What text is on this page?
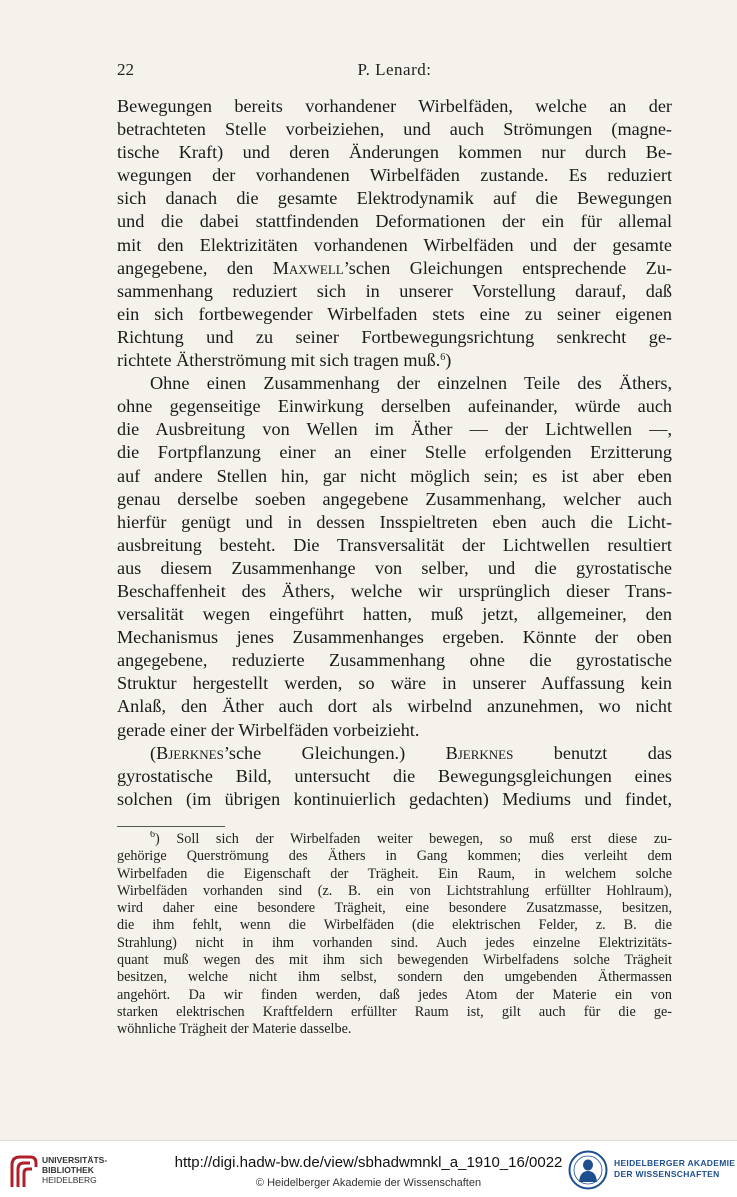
22	P. Lenard:
Bewegungen bereits vorhandener Wirbelfäden, welche an der
betrachteten Stelle vorbeiziehen, und auch Strömungen (magne-
tische Kraft) und deren Änderungen kommen nur durch Be-
wegungen der vorhandenen Wirbelfäden zustande. Es reduziert
sich danach die gesamte Elektrodynamik auf die Bewegungen
und die dabei stattfindenden Deformationen der ein für allemal
mit den Elektrizitäten vorhandenen Wirbelfäden und der gesamte
angegebene, den Maxwell’schen Gleichungen entsprechende Zu-
sammenhang reduziert sich in unserer Vorstellung darauf, daß
ein sich fortbewegender Wirbelfaden stets eine zu seiner eigenen
Richtung und zu seiner Fortbewegungsrichtung senkrecht ge-
richtete Ätherströmung mit sich tragen muß.$^6$)
Ohne einen Zusammenhang der einzelnen Teile des Äthers,
ohne gegenseitige Einwirkung derselben aufeinander, würde auch
die Ausbreitung von Wellen im Äther — der Lichtwellen —,
die Fortpflanzung einer an einer Stelle erfolgenden Erzitterung
auf andere Stellen hin, gar nicht möglich sein; es ist aber eben
genau derselbe soeben angegebene Zusammenhang, welcher auch
hierfür genügt und in dessen Insspieltreten eben auch die Licht-
ausbreitung besteht. Die Transversalität der Lichtwellen resultiert
aus diesem Zusammenhange von selber, und die gyrostatische
Beschaffenheit des Äthers, welche wir ursprünglich dieser Trans-
versalität wegen eingeführt hatten, muß jetzt, allgemeiner, den
Mechanismus jenes Zusammenhanges ergeben. Könnte der oben
angegebene, reduzierte Zusammenhang ohne die gyrostatische
Struktur hergestellt werden, so wäre in unserer Auffassung kein
Anlaß, den Äther auch dort als wirbelnd anzunehmen, wo nicht
gerade einer der Wirbelfäden vorbeizieht.
(Bjerknes’sche Gleichungen.) Bjerknes benutzt das
gyrostatische Bild, untersucht die Bewegungsgleichungen eines
solchen (im übrigen kontinuierlich gedachten) Mediums und findet,
$^6$) Soll sich der Wirbelfaden weiter bewegen, so muß erst diese zu-
gehörige Querströmung des Äthers in Gang kommen; dies verleiht dem
Wirbelfaden die Eigenschaft der Trägheit. Ein Raum, in welchem solche
Wirbelfäden vorhanden sind (z. B. ein von Lichtstrahlung erfüllter Hohlraum),
wird daher eine besondere Trägheit, eine besondere Zusatzmasse, besitzen,
die ihm fehlt, wenn die Wirbelfäden (die elektrischen Felder, z. B. die
Strahlung) nicht in ihm vorhanden sind. Auch jedes einzelne Elektrizitäts-
quant muß wegen des mit ihm sich bewegenden Wirbelfadens solche Trägheit
besitzen, welche nicht ihm selbst, sondern den umgebenden Äthermassen
angehört. Da wir finden werden, daß jedes Atom der Materie ein von
starken elektrischen Kraftfeldern erfüllter Raum ist, gilt auch für die ge-
wöhnliche Trägheit der Materie dasselbe.
UNIVERSITÄTS-
BIBLIOTHEK
HEIDELBERG
http://digi.hadw-bw.de/view/sbhadwmnkl_a_1910_16/0022
© Heidelberger Akademie der Wissenschaften
HEIDELBERGER AKADEMIE
DER WISSENSCHAFTEN
